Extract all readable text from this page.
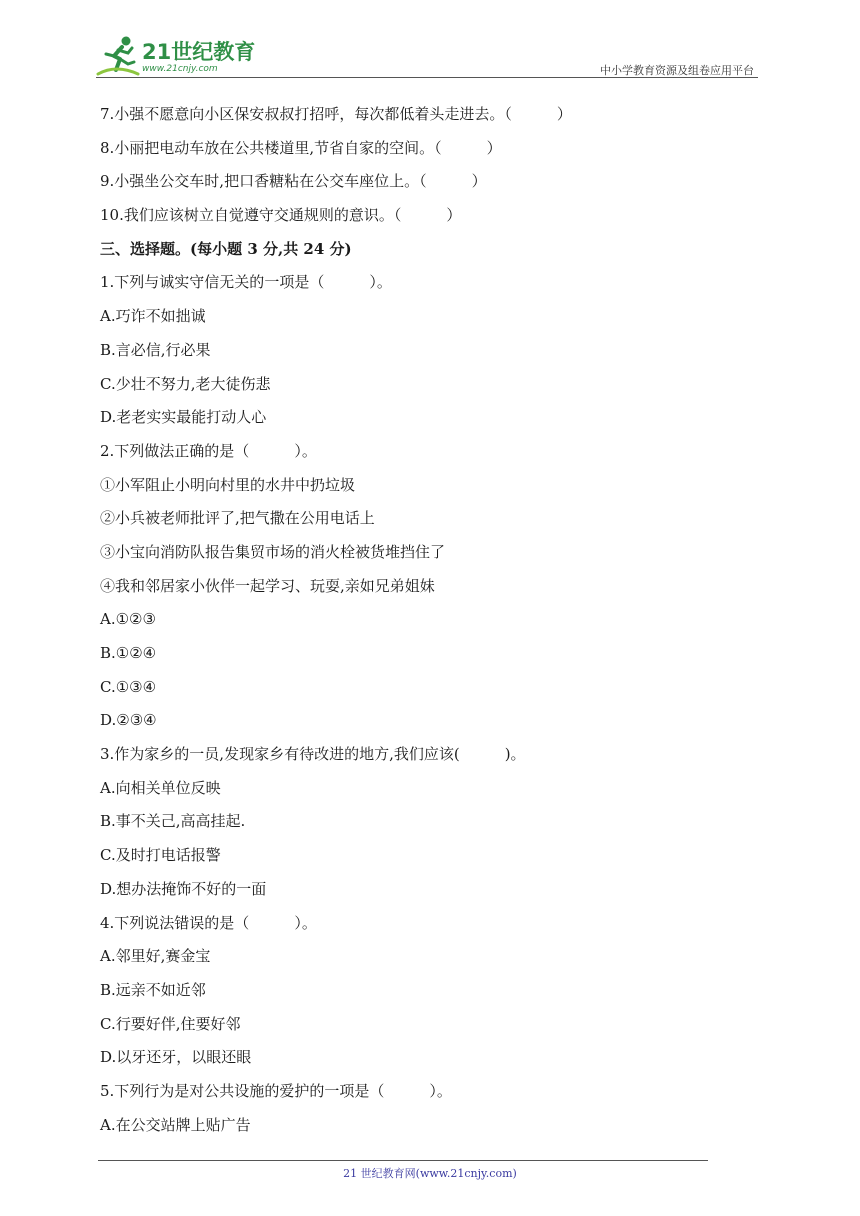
21世纪教育
www.21cnjy.com	中小学教育资源及组卷应用平台
7.小强不愿意向小区保安叔叔打招呼，每次都低着头走进去。（　　　）
8.小丽把电动车放在公共楼道里,节省自家的空间。（　　　）
9.小强坐公交车时,把口香糖粘在公交车座位上。（　　　）
10.我们应该树立自觉遵守交通规则的意识。（　　　）
三、选择题。(每小题 3 分,共 24 分)
1.下列与诚实守信无关的一项是（　　　）。
A.巧诈不如拙诚
B.言必信,行必果
C.少壮不努力,老大徒伤悲
D.老老实实最能打动人心
2.下列做法正确的是（　　　）。
①小军阻止小明向村里的水井中扔垃圾
②小兵被老师批评了,把气撒在公用电话上
③小宝向消防队报告集贸市场的消火栓被货堆挡住了
④我和邻居家小伙伴一起学习、玩耍,亲如兄弟姐妹
A.①②③
B.①②④
C.①③④
D.②③④
3.作为家乡的一员,发现家乡有待改进的地方,我们应该(　　　)。
A.向相关单位反映
B.事不关己,高高挂起.
C.及时打电话报警
D.想办法掩饰不好的一面
4.下列说法错误的是（　　　）。
A.邻里好,赛金宝
B.远亲不如近邻
C.行要好伴,住要好邻
D.以牙还牙，以眼还眼
5.下列行为是对公共设施的爱护的一项是（　　　）。
A.在公交站牌上贴广告
21 世纪教育网(www.21cnjy.com)
